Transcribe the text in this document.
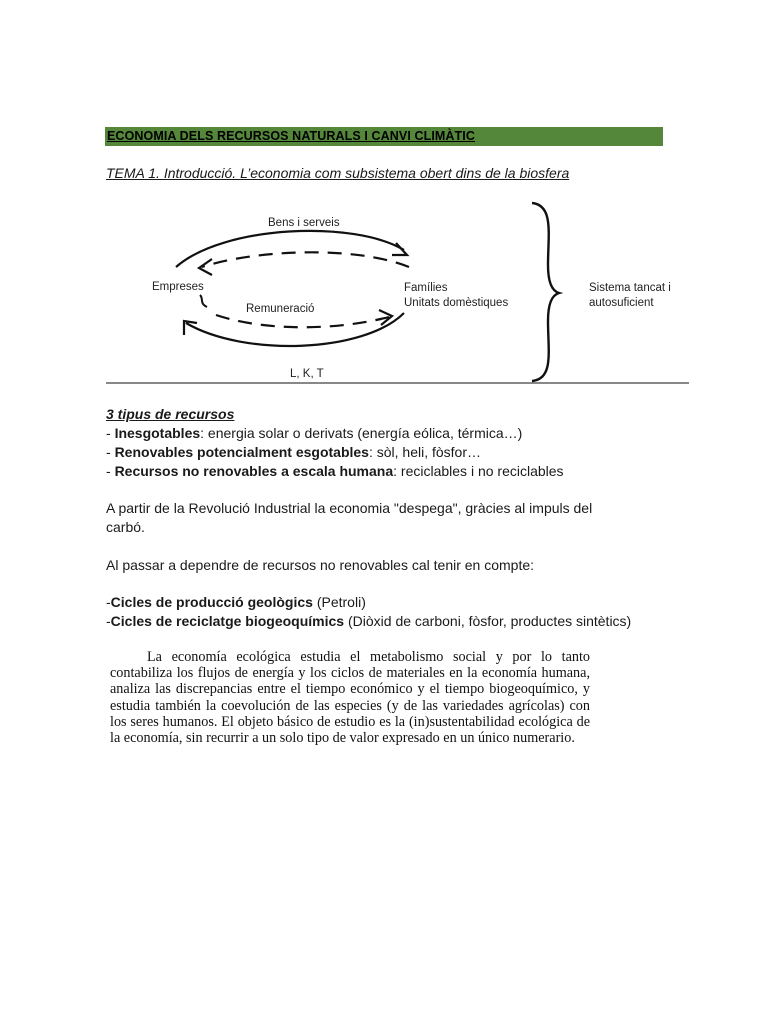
ECONOMIA DELS RECURSOS NATURALS I CANVI CLIMÀTIC
TEMA 1. Introducció. L’economia com subsistema obert dins de la biosfera
Bens i serveis
Empreses	Famílies
Unitats domèstiques
Remuneració
L, K, T
Sistema tancat i
autosuficient
3 tipus de recursos
- Inesgotables: energia solar o derivats (energía eólica, térmica…)
- Renovables potencialment esgotables: sòl, heli, fòsfor…
- Recursos no renovables a escala humana: reciclables i no reciclables
A partir de la Revolució Industrial la economia "despega", gràcies al impuls del
carbó.
Al passar a dependre de recursos no renovables cal tenir en compte:
-Cicles de producció geològics (Petroli)
-Cicles de reciclatge biogeoquímics (Diòxid de carboni, fòsfor, productes sintètics)
La economía ecológica estudia el metabolismo social y por lo tanto contabiliza los flujos de energía y los ciclos de materiales en la economía humana, analiza las discrepancias entre el tiempo económico y el tiempo biogeoquímico, y estudia también la coevolución de las especies (y de las variedades agrícolas) con los seres humanos. El objeto básico de estudio es la (in)sustentabilidad ecológica de la economía, sin recurrir a un solo tipo de valor expresado en un único numerario.
